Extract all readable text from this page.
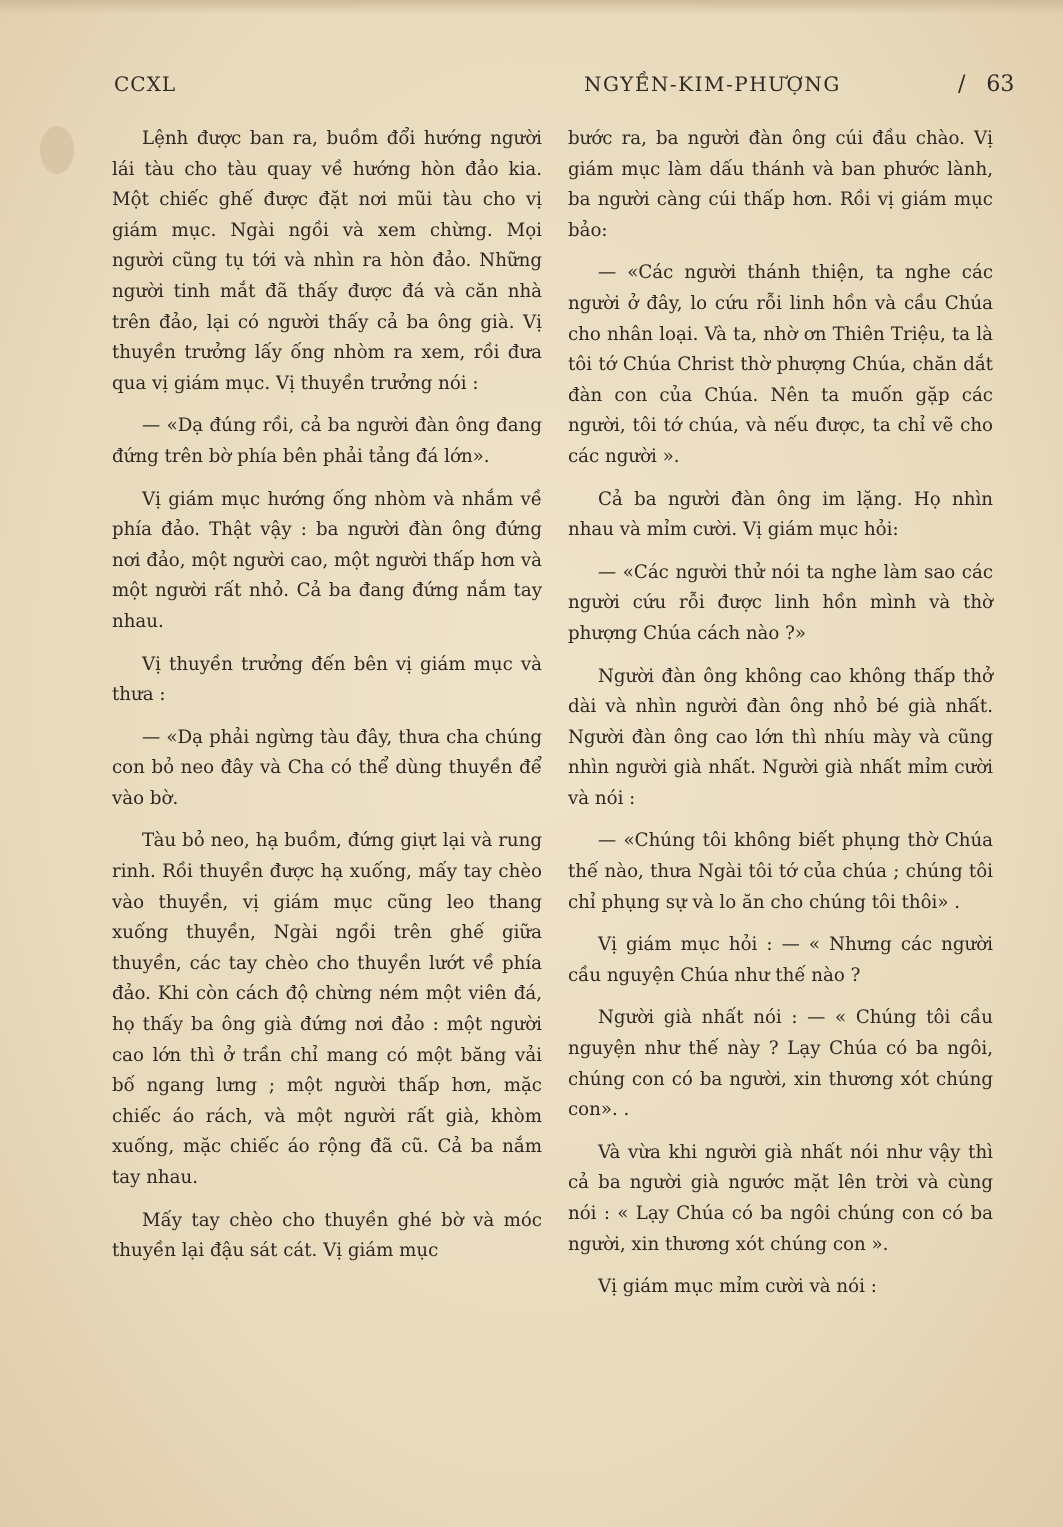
CCXL	NGYỀN-KIM-PHƯỢNG	/ 63

Lệnh được ban ra, buồm đổi hướng người lái tàu cho tàu quay về hướng hòn đảo kia. Một chiếc ghế được đặt nơi mũi tàu cho vị giám mục. Ngài ngồi và xem chừng. Mọi người cũng tụ tới và nhìn ra hòn đảo. Những người tinh mắt đã thấy được đá và căn nhà trên đảo, lại có người thấy cả ba ông già. Vị thuyền trưởng lấy ống nhòm ra xem, rồi đưa qua vị giám mục. Vị thuyền trưởng nói :

— «Dạ đúng rồi, cả ba người đàn ông đang đứng trên bờ phía bên phải tảng đá lớn».

Vị giám mục hướng ống nhòm và nhắm về phía đảo. Thật vậy : ba người đàn ông đứng nơi đảo, một người cao, một người thấp hơn và một người rất nhỏ. Cả ba đang đứng nắm tay nhau.

Vị thuyền trưởng đến bên vị giám mục và thưa :

— «Dạ phải ngừng tàu đây, thưa cha chúng con bỏ neo đây và Cha có thể dùng thuyền để vào bờ.

Tàu bỏ neo, hạ buồm, đứng giựt lại và rung rinh. Rồi thuyền được hạ xuống, mấy tay chèo vào thuyền, vị giám mục cũng leo thang xuống thuyền, Ngài ngồi trên ghế giữa thuyền, các tay chèo cho thuyền lướt về phía đảo. Khi còn cách độ chừng ném một viên đá, họ thấy ba ông già đứng nơi đảo : một người cao lớn thì ở trần chỉ mang có một băng vải bố ngang lưng ; một người thấp hơn, mặc chiếc áo rách, và một người rất già, khòm xuống, mặc chiếc áo rộng đã cũ. Cả ba nắm tay nhau.

Mấy tay chèo cho thuyền ghé bờ và móc thuyền lại đậu sát cát. Vị giám mục

bước ra, ba người đàn ông cúi đầu chào. Vị giám mục làm dấu thánh và ban phước lành, ba người càng cúi thấp hơn. Rồi vị giám mục bảo:

— «Các người thánh thiện, ta nghe các người ở đây, lo cứu rỗi linh hồn và cầu Chúa cho nhân loại. Và ta, nhờ ơn Thiên Triệu, ta là tôi tớ Chúa Christ thờ phượng Chúa, chăn dắt đàn con của Chúa. Nên ta muốn gặp các người, tôi tớ chúa, và nếu được, ta chỉ vẽ cho các người ».

Cả ba người đàn ông im lặng. Họ nhìn nhau và mỉm cười. Vị giám mục hỏi:

— «Các người thử nói ta nghe làm sao các người cứu rỗi được linh hồn mình và thờ phượng Chúa cách nào ?»

Người đàn ông không cao không thấp thở dài và nhìn người đàn ông nhỏ bé già nhất. Người đàn ông cao lớn thì nhíu mày và cũng nhìn người già nhất. Người già nhất mỉm cười và nói :

— «Chúng tôi không biết phụng thờ Chúa thế nào, thưa Ngài tôi tớ của chúa ; chúng tôi chỉ phụng sự và lo ăn cho chúng tôi thôi» .

Vị giám mục hỏi : — « Nhưng các người cầu nguyện Chúa như thế nào ?

Người già nhất nói : — « Chúng tôi cầu nguyện như thế này ? Lạy Chúa có ba ngôi, chúng con có ba người, xin thương xót chúng con». .

Và vừa khi người già nhất nói như vậy thì cả ba người già ngước mặt lên trời và cùng nói : « Lạy Chúa có ba ngôi chúng con có ba người, xin thương xót chúng con ».

Vị giám mục mỉm cười và nói :
